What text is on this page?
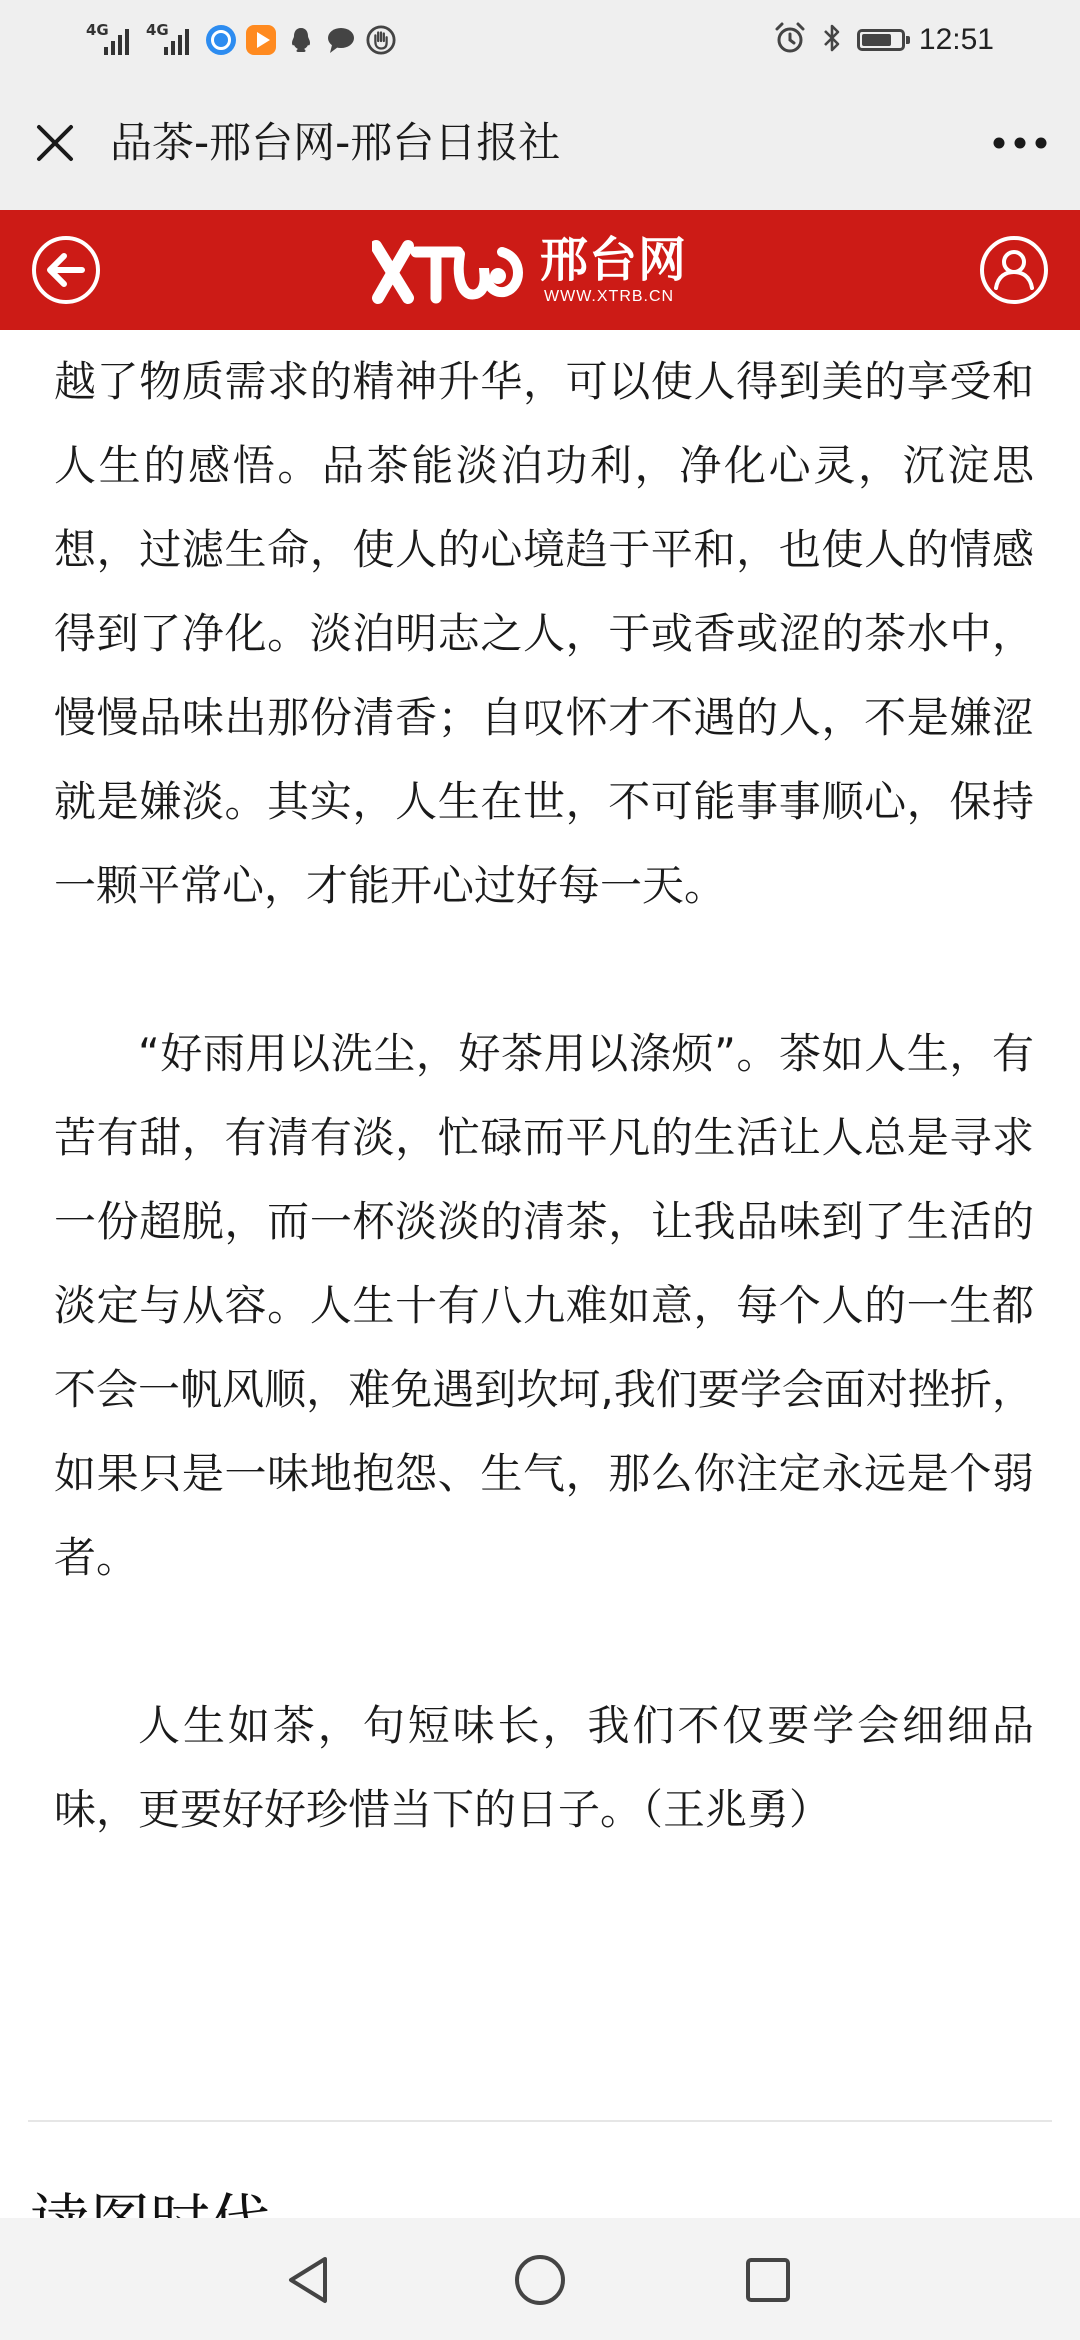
4G 4G	12:51
品茶-邢台网-邢台日报社
邢台网
WWW.XTRB.CN

越了物质需求的精神升华，可以使人得到美的享受和人生的感悟。品茶能淡泊功利，净化心灵，沉淀思想，过滤生命，使人的心境趋于平和，也使人的情感得到了净化。淡泊明志之人，于或香或涩的茶水中，慢慢品味出那份清香；自叹怀才不遇的人，不是嫌涩就是嫌淡。其实，人生在世，不可能事事顺心，保持一颗平常心，才能开心过好每一天。

“好雨用以洗尘，好茶用以涤烦”。茶如人生，有苦有甜，有清有淡，忙碌而平凡的生活让人总是寻求一份超脱，而一杯淡淡的清茶，让我品味到了生活的淡定与从容。人生十有八九难如意，每个人的一生都不会一帆风顺，难免遇到坎坷,我们要学会面对挫折，如果只是一味地抱怨、生气，那么你注定永远是个弱者。

人生如茶，句短味长，我们不仅要学会细细品味，更要好好珍惜当下的日子。（王兆勇）
